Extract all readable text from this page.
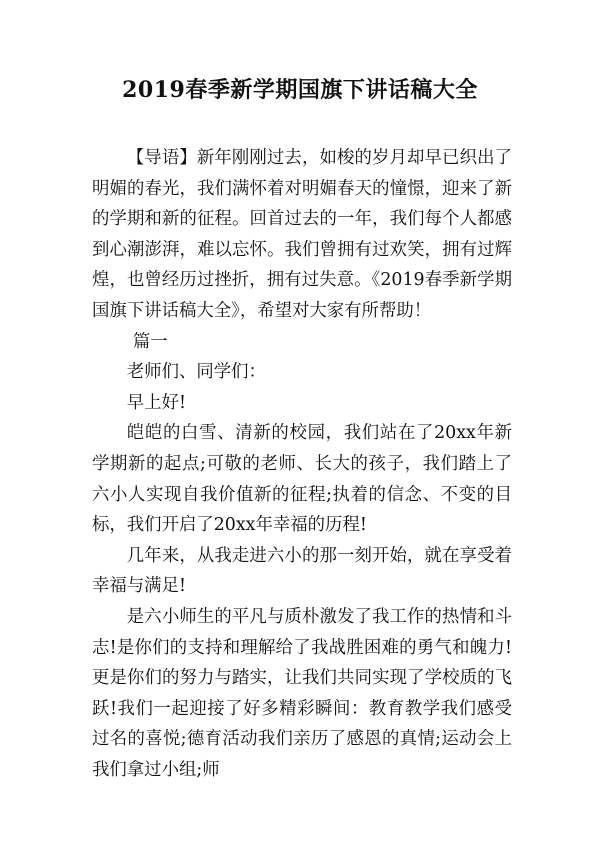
2019春季新学期国旗下讲话稿大全

【导语】新年刚刚过去，如梭的岁月却早已织出了明媚的春光，我们满怀着对明媚春天的憧憬，迎来了新的学期和新的征程。回首过去的一年，我们每个人都感到心潮澎湃，难以忘怀。我们曾拥有过欢笑，拥有过辉煌，也曾经历过挫折，拥有过失意。《2019春季新学期国旗下讲话稿大全》，希望对大家有所帮助！

篇一

老师们、同学们：

早上好!

皑皑的白雪、清新的校园，我们站在了20xx年新学期新的起点;可敬的老师、长大的孩子，我们踏上了六小人实现自我价值新的征程;执着的信念、不变的目标，我们开启了20xx年幸福的历程!

几年来，从我走进六小的那一刻开始，就在享受着幸福与满足!

是六小师生的平凡与质朴激发了我工作的热情和斗志!是你们的支持和理解给了我战胜困难的勇气和魄力!更是你们的努力与踏实，让我们共同实现了学校质的飞跃!我们一起迎接了好多精彩瞬间：教育教学我们感受过名的喜悦;德育活动我们亲历了感恩的真情;运动会上我们拿过小组;师
